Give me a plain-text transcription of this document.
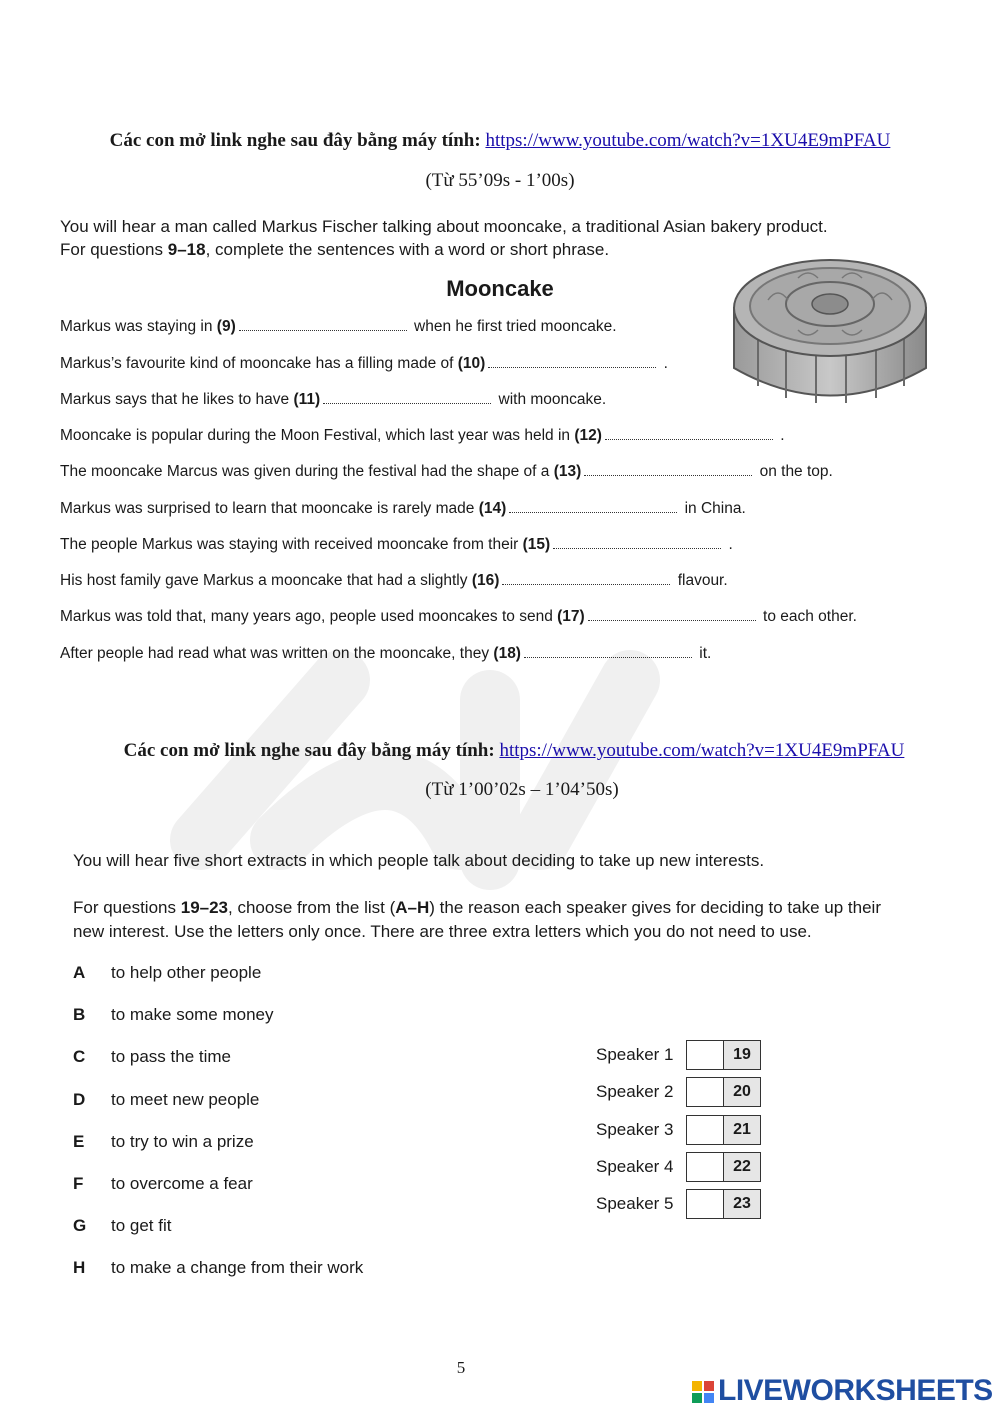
Các con mở link nghe sau đây bằng máy tính: https://www.youtube.com/watch?v=1XU4E9mPFAU
(Từ 55’09s - 1’00s)
You will hear a man called Markus Fischer talking about mooncake, a traditional Asian bakery product.
For questions 9–18, complete the sentences with a word or short phrase.
Mooncake
Markus was staying in (9)	when he first tried mooncake.
Markus’s favourite kind of mooncake has a filling made of (10)	.
Markus says that he likes to have (11)	with mooncake.
Mooncake is popular during the Moon Festival, which last year was held in (12)	.
The mooncake Marcus was given during the festival had the shape of a (13)	on the top.
Markus was surprised to learn that mooncake is rarely made (14)	in China.
The people Markus was staying with received mooncake from their (15)	.
His host family gave Markus a mooncake that had a slightly (16)	flavour.
Markus was told that, many years ago, people used mooncakes to send (17)	to each other.
After people had read what was written on the mooncake, they (18)	it.
Các con mở link nghe sau đây bằng máy tính: https://www.youtube.com/watch?v=1XU4E9mPFAU
(Từ 1’00’02s – 1’04’50s)
You will hear five short extracts in which people talk about deciding to take up new interests.
For questions 19–23, choose from the list (A–H) the reason each speaker gives for deciding to take up their
new interest. Use the letters only once. There are three extra letters which you do not need to use.
A to help other people
B to make some money
C to pass the time
D to meet new people
E to try to win a prize
F to overcome a fear
G to get fit
H to make a change from their work
Speaker 1	19
Speaker 2	20
Speaker 3	21
Speaker 4	22
Speaker 5	23
5
LIVEWORKSHEETS
